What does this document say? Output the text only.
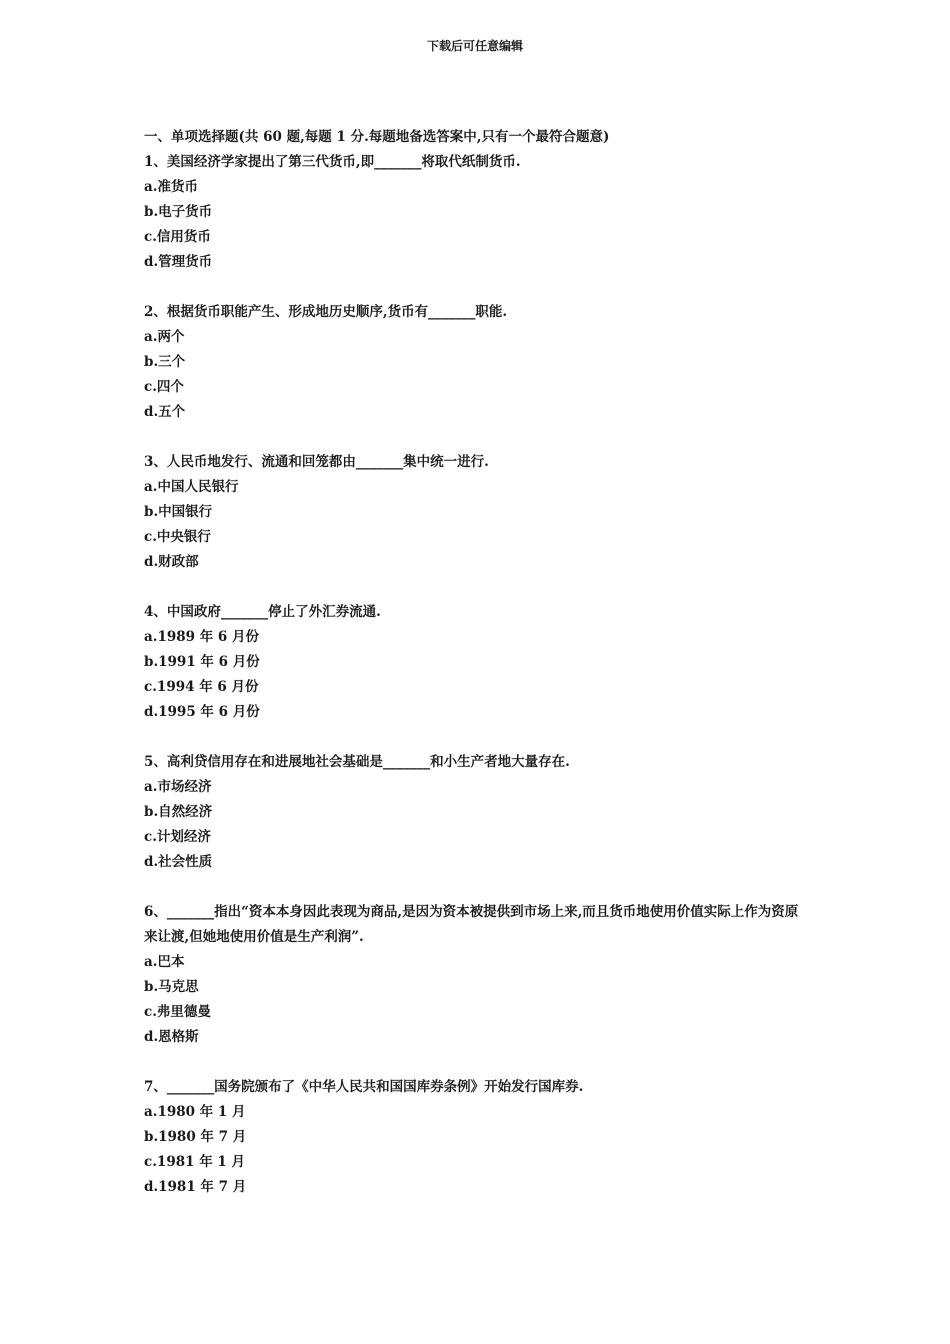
下载后可任意编辑

一、单项选择题(共 60 题,每题 1 分.每题地备选答案中,只有一个最符合题意)

1、美国经济学家提出了第三代货币,即_______将取代纸制货币.

a.准货币
b.电子货币
c.信用货币
d.管理货币

2、根据货币职能产生、形成地历史顺序,货币有_______职能.

a.两个
b.三个
c.四个
d.五个

3、人民币地发行、流通和回笼都由_______集中统一进行.

a.中国人民银行
b.中国银行
c.中央银行
d.财政部

4、中国政府_______停止了外汇券流通.

a.1989 年 6 月份
b.1991 年 6 月份
c.1994 年 6 月份
d.1995 年 6 月份

5、高利贷信用存在和进展地社会基础是_______和小生产者地大量存在.

a.市场经济
b.自然经济
c.计划经济
d.社会性质

6、_______指出“资本本身因此表现为商品,是因为资本被提供到市场上来,而且货币地使用价值实际上作为资原来让渡,但她地使用价值是生产利润”.

a.巴本
b.马克思
c.弗里德曼
d.恩格斯

7、_______国务院颁布了《中华人民共和国国库券条例》开始发行国库券.

a.1980 年 1 月
b.1980 年 7 月
c.1981 年 1 月
d.1981 年 7 月
